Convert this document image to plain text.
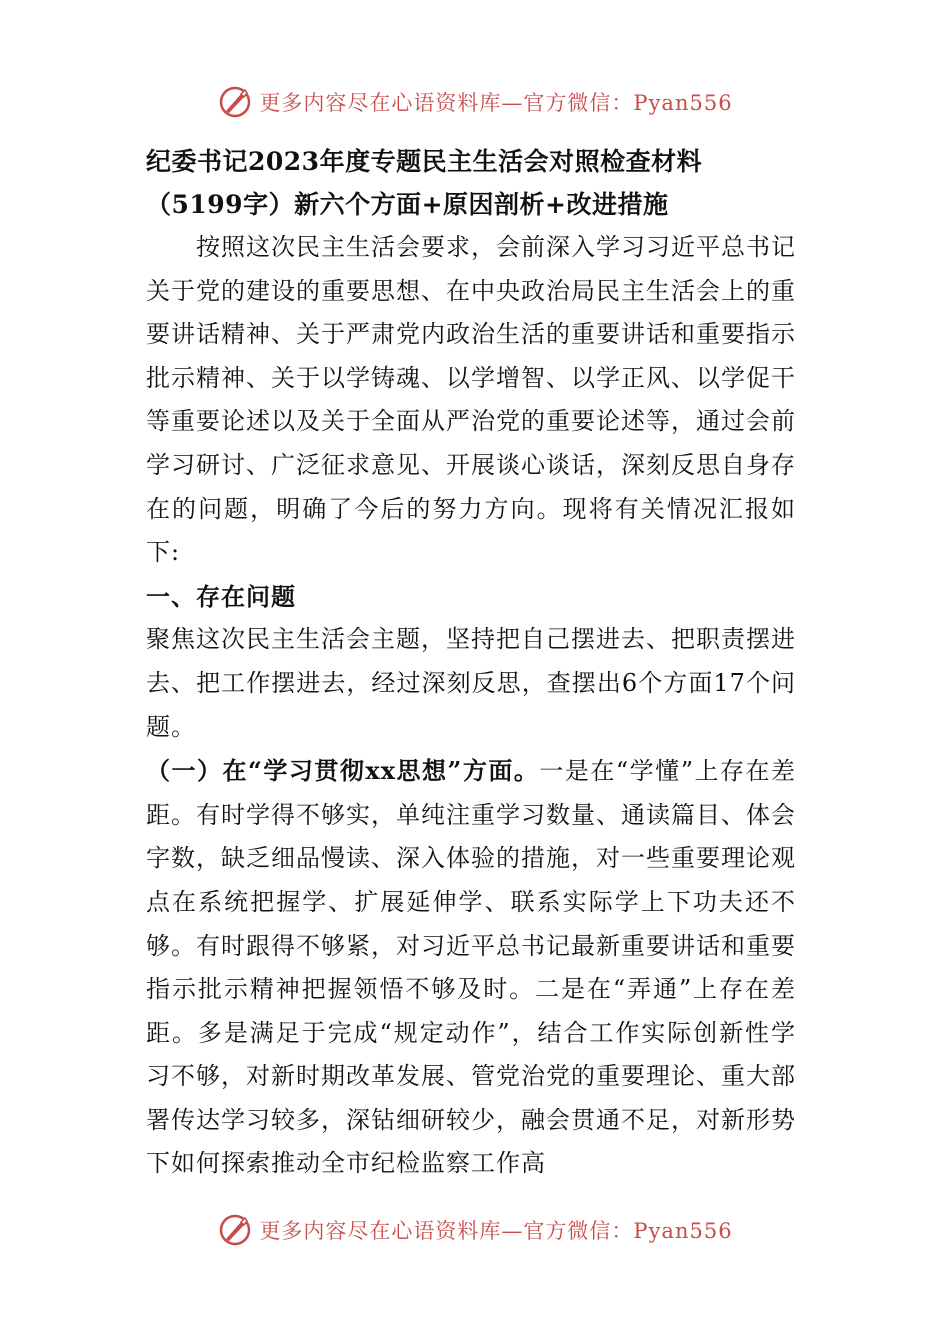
更多内容尽在心语资料库—官方微信：Pyan556

纪委书记2023年度专题民主生活会对照检查材料（5199字）新六个方面+原因剖析+改进措施

按照这次民主生活会要求，会前深入学习习近平总书记关于党的建设的重要思想、在中央政治局民主生活会上的重要讲话精神、关于严肃党内政治生活的重要讲话和重要指示批示精神、关于以学铸魂、以学增智、以学正风、以学促干等重要论述以及关于全面从严治党的重要论述等，通过会前学习研讨、广泛征求意见、开展谈心谈话，深刻反思自身存在的问题，明确了今后的努力方向。现将有关情况汇报如下:

一、存在问题

聚焦这次民主生活会主题，坚持把自己摆进去、把职责摆进去、把工作摆进去，经过深刻反思，查摆出6个方面17个问题。

（一）在“学习贯彻xx思想”方面。一是在“学懂”上存在差距。有时学得不够实，单纯注重学习数量、通读篇目、体会字数，缺乏细品慢读、深入体验的措施，对一些重要理论观点在系统把握学、扩展延伸学、联系实际学上下功夫还不够。有时跟得不够紧，对习近平总书记最新重要讲话和重要指示批示精神把握领悟不够及时。二是在“弄通”上存在差距。多是满足于完成“规定动作”，结合工作实际创新性学习不够，对新时期改革发展、管党治党的重要理论、重大部署传达学习较多，深钻细研较少，融会贯通不足，对新形势下如何探索推动全市纪检监察工作高

更多内容尽在心语资料库—官方微信：Pyan556
